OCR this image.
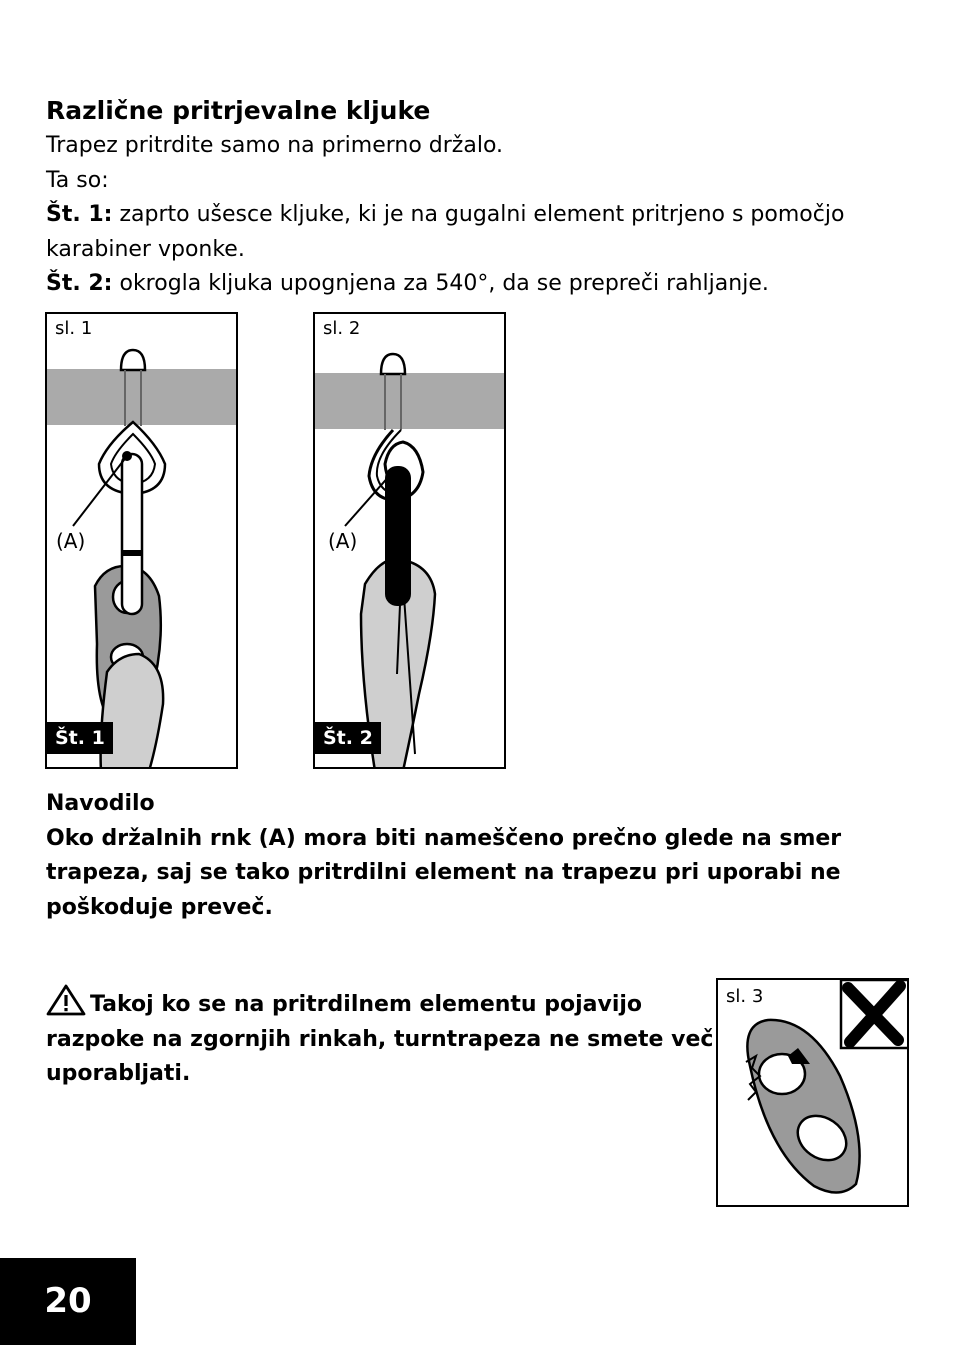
Različne pritrjevalne kljuke

Trapez pritrdite samo na primerno držalo.

Ta so:

Št. 1: zaprto ušesce kljuke, ki je na gugalni element pritrjeno s pomočjo karabiner vponke.

Št. 2: okrogla kljuka upognjena za 540°, da se prepreči rahljanje.

sl. 1
(A)
Št. 1
sl. 2
(A)
Št. 2

Navodilo

Oko držalnih rnk (A) mora biti nameščeno prečno glede na smer trapeza, saj se tako pritrdilni element na trapezu pri uporabi ne poškoduje preveč.

Takoj ko se na pritrdilnem elementu pojavijo razpoke na zgornjih rinkah, turntrapeza ne smete več uporabljati.
sl. 3
20
